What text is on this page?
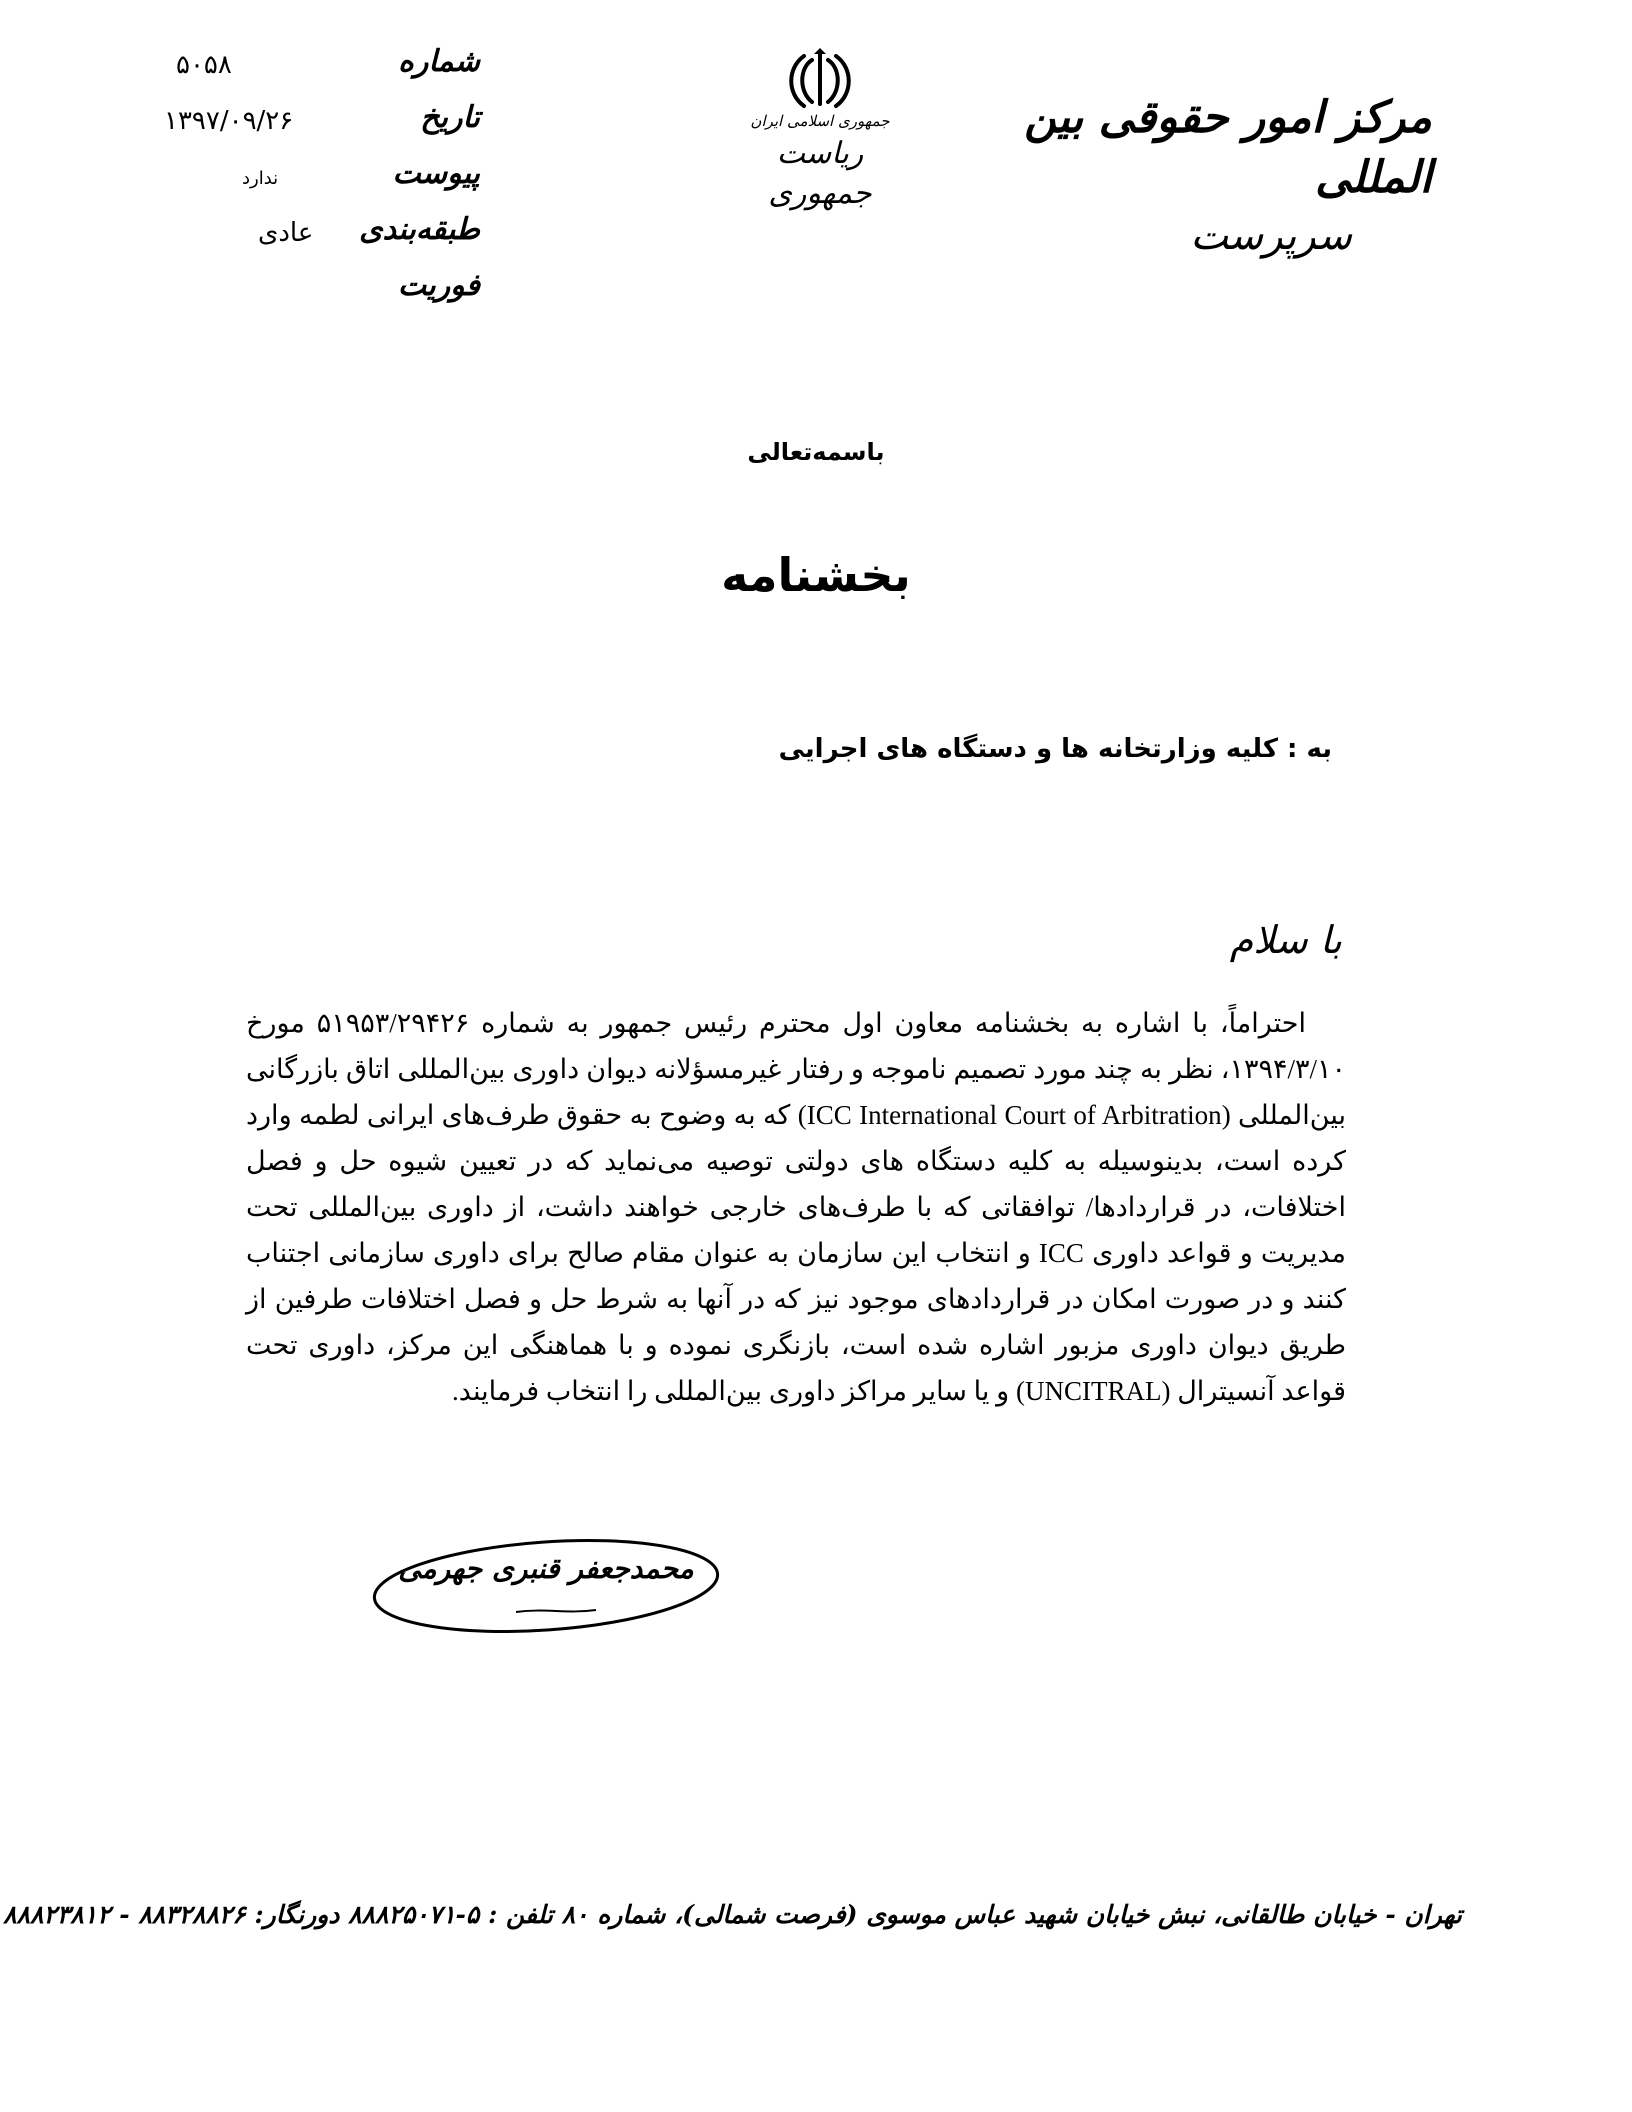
مرکز امور حقوقی بین المللی
سرپرست
جمهوری اسلامی ایران
ریاست جمهوری
شماره
۵۰۵۸
تاریخ
۱۳۹۷/۰۹/۲۶
پیوست
ندارد
طبقه‌بندی
عادی
فوریت
باسمه‌تعالی
بخشنامه
به : کلیه وزارتخانه ها و دستگاه های اجرایی
با سلام
احتراماً، با اشاره به بخشنامه معاون اول محترم رئیس جمهور به شماره ۵۱۹۵۳/۲۹۴۲۶ مورخ ۱۳۹۴/۳/۱۰، نظر به چند مورد تصمیم ناموجه و رفتار غیرمسؤلانه دیوان داوری بین‌المللی اتاق بازرگانی بین‌المللی (ICC International Court of Arbitration) که به وضوح به حقوق طرف‌های ایرانی لطمه وارد کرده است، بدینوسیله به کلیه دستگاه های دولتی توصیه می‌نماید که در تعیین شیوه حل و فصل اختلافات، در قراردادها/ توافقاتی که با طرف‌های خارجی خواهند داشت، از داوری بین‌المللی تحت مدیریت و قواعد داوری ICC و انتخاب این سازمان به عنوان مقام صالح برای داوری سازمانی اجتناب کنند و در صورت امکان در قراردادهای موجود نیز که در آنها به شرط حل و فصل اختلافات طرفین از طریق دیوان داوری مزبور اشاره شده است، بازنگری نموده و با هماهنگی این مرکز، داوری تحت قواعد آنسیترال (UNCITRAL) و یا سایر مراکز داوری بین‌المللی را انتخاب فرمایند.
محمدجعفر قنبری جهرمی
تهران - خیابان طالقانی، نبش خیابان شهید عباس موسوی (فرصت شمالی)، شماره ۸۰ تلفن : ۵-۸۸۸۲۵۰۷۱ دورنگار: ۸۸۳۲۸۸۲۶ - ۸۸۸۲۳۸۱۲
